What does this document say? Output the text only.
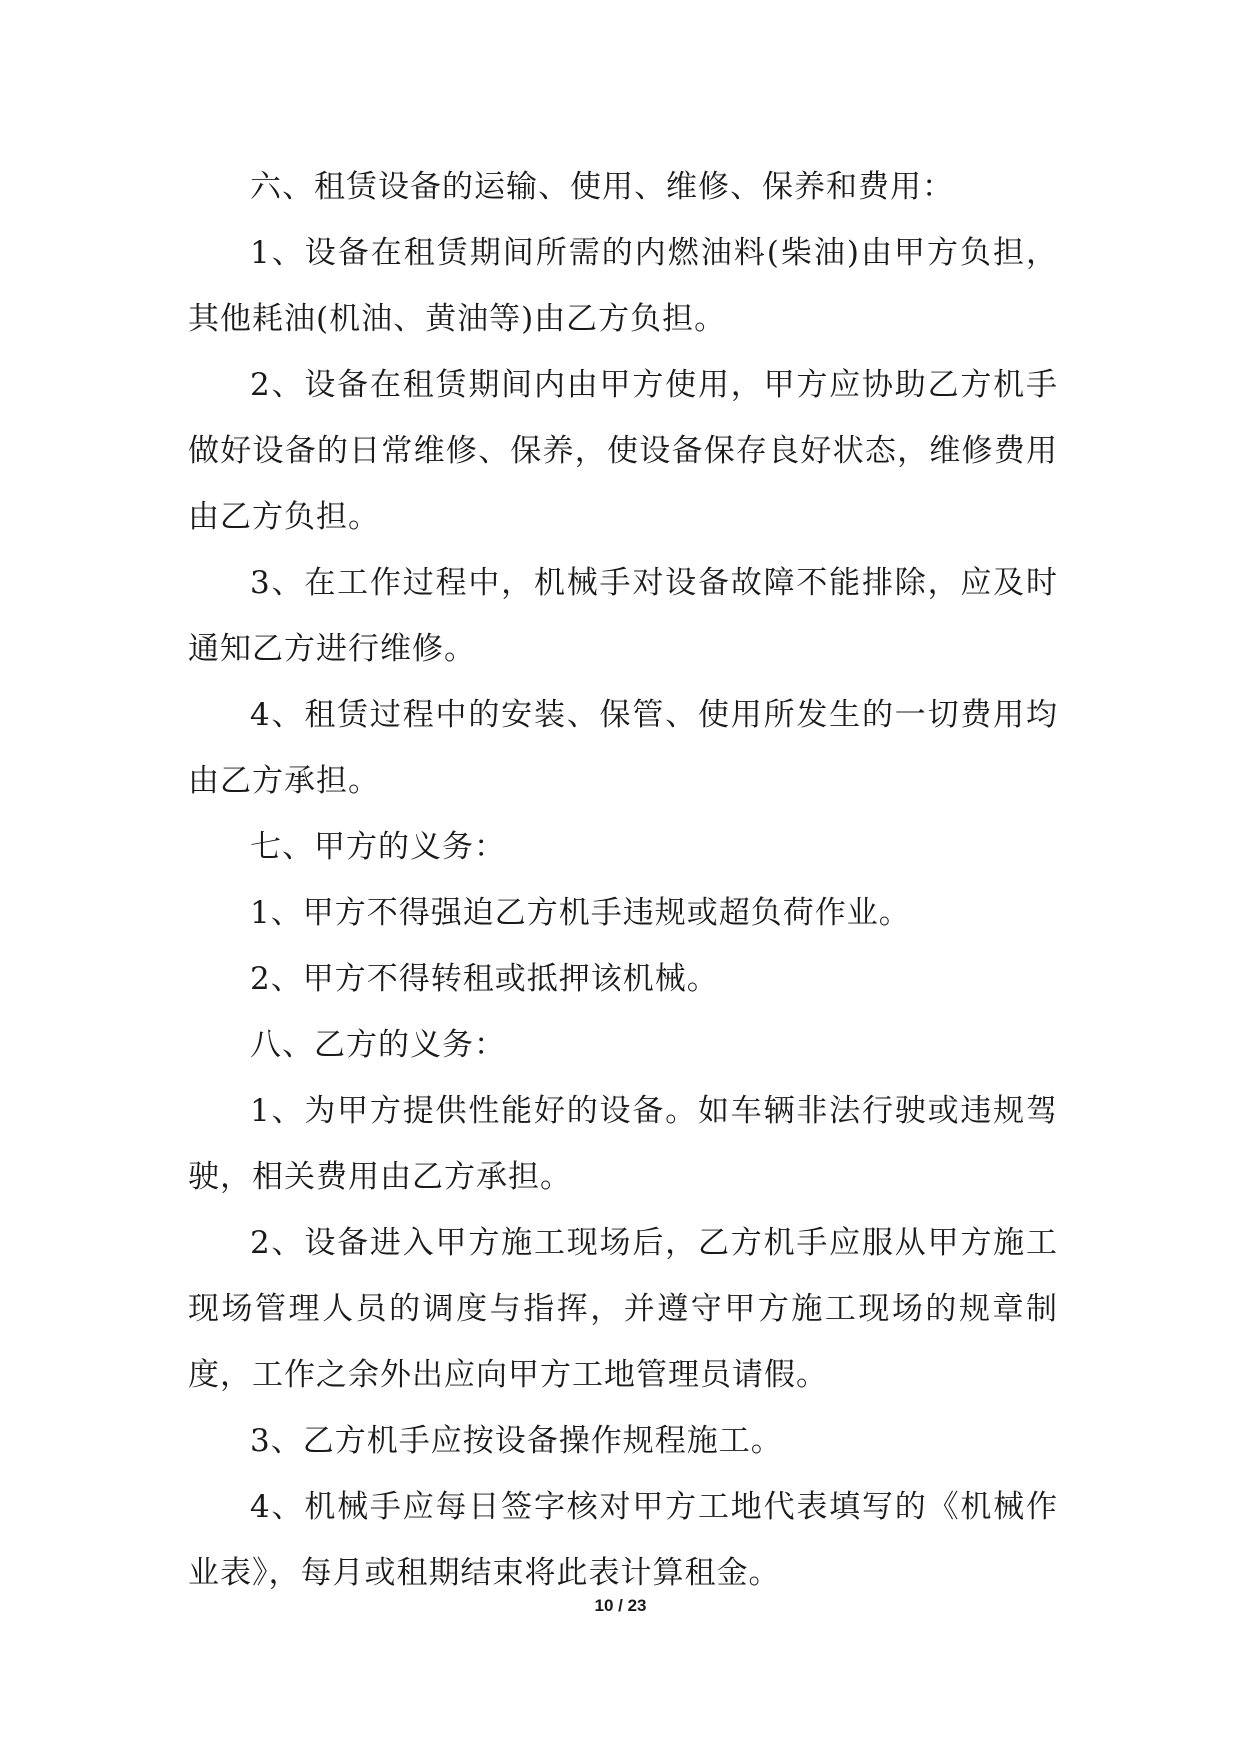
六、租赁设备的运输、使用、维修、保养和费用：

1、设备在租赁期间所需的内燃油料(柴油)由甲方负担，其他耗油(机油、黄油等)由乙方负担。

2、设备在租赁期间内由甲方使用，甲方应协助乙方机手做好设备的日常维修、保养，使设备保存良好状态，维修费用由乙方负担。

3、在工作过程中，机械手对设备故障不能排除，应及时通知乙方进行维修。

4、租赁过程中的安装、保管、使用所发生的一切费用均由乙方承担。

七、甲方的义务：

1、甲方不得强迫乙方机手违规或超负荷作业。

2、甲方不得转租或抵押该机械。

八、乙方的义务：

1、为甲方提供性能好的设备。如车辆非法行驶或违规驾驶，相关费用由乙方承担。

2、设备进入甲方施工现场后，乙方机手应服从甲方施工现场管理人员的调度与指挥，并遵守甲方施工现场的规章制度，工作之余外出应向甲方工地管理员请假。

3、乙方机手应按设备操作规程施工。

4、机械手应每日签字核对甲方工地代表填写的《机械作业表》，每月或租期结束将此表计算租金。

10 / 23
